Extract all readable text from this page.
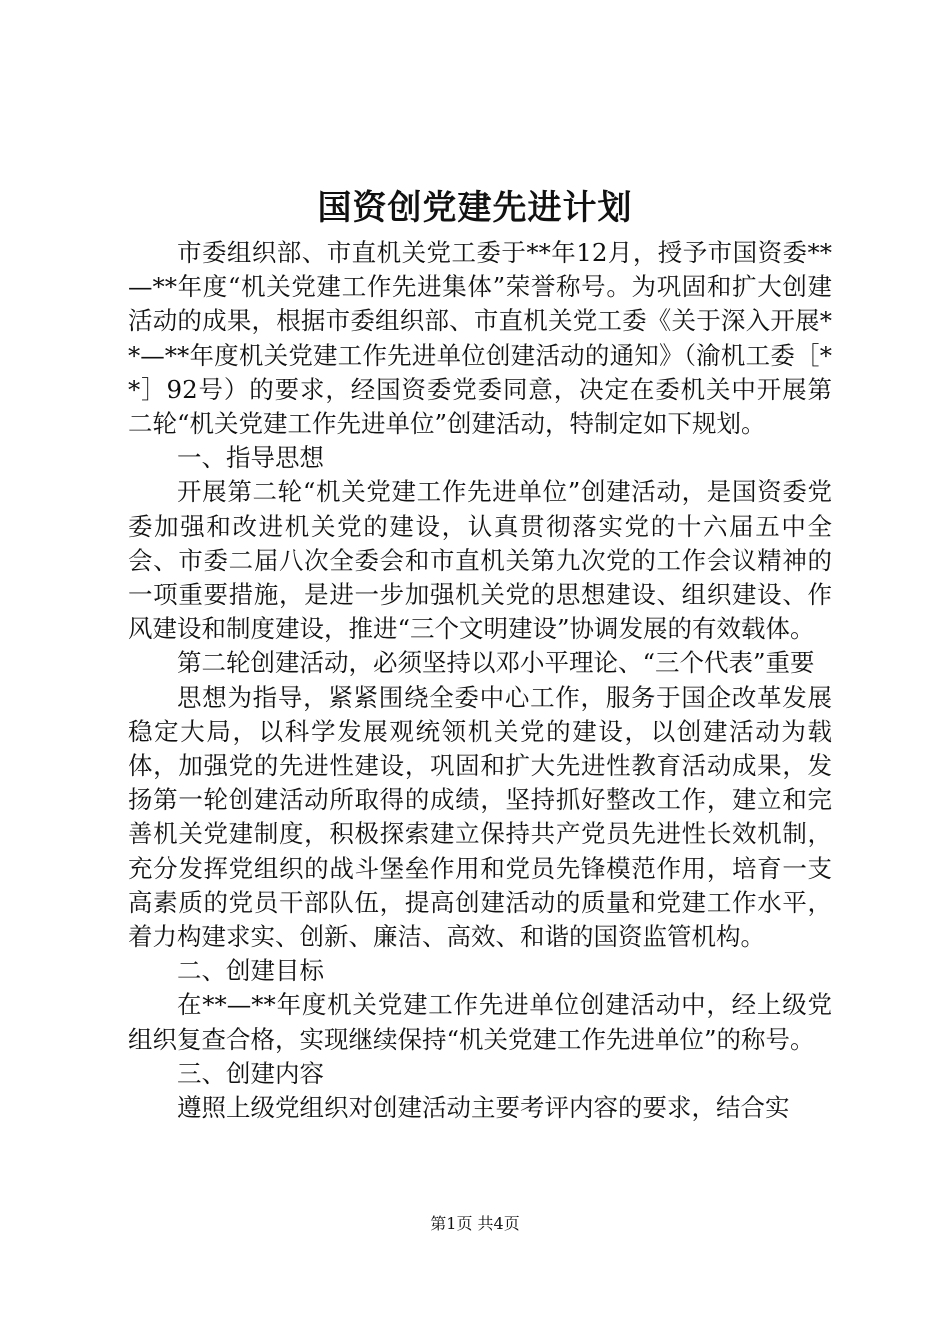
国资创党建先进计划

市委组织部、市直机关党工委于**年12月，授予市国资委**—**年度“机关党建工作先进集体”荣誉称号。为巩固和扩大创建活动的成果，根据市委组织部、市直机关党工委《关于深入开展**—**年度机关党建工作先进单位创建活动的通知》（渝机工委［**］92号）的要求，经国资委党委同意，决定在委机关中开展第二轮“机关党建工作先进单位”创建活动，特制定如下规划。

一、指导思想

开展第二轮“机关党建工作先进单位”创建活动，是国资委党委加强和改进机关党的建设，认真贯彻落实党的十六届五中全会、市委二届八次全委会和市直机关第九次党的工作会议精神的一项重要措施，是进一步加强机关党的思想建设、组织建设、作风建设和制度建设，推进“三个文明建设”协调发展的有效载体。

第二轮创建活动，必须坚持以邓小平理论、“三个代表”重要

思想为指导，紧紧围绕全委中心工作，服务于国企改革发展稳定大局，以科学发展观统领机关党的建设，以创建活动为载体，加强党的先进性建设，巩固和扩大先进性教育活动成果，发扬第一轮创建活动所取得的成绩，坚持抓好整改工作，建立和完善机关党建制度，积极探索建立保持共产党员先进性长效机制，充分发挥党组织的战斗堡垒作用和党员先锋模范作用，培育一支高素质的党员干部队伍，提高创建活动的质量和党建工作水平，着力构建求实、创新、廉洁、高效、和谐的国资监管机构。

二、创建目标

在**—**年度机关党建工作先进单位创建活动中，经上级党组织复查合格，实现继续保持“机关党建工作先进单位”的称号。

三、创建内容

遵照上级党组织对创建活动主要考评内容的要求，结合实

第1页 共4页
